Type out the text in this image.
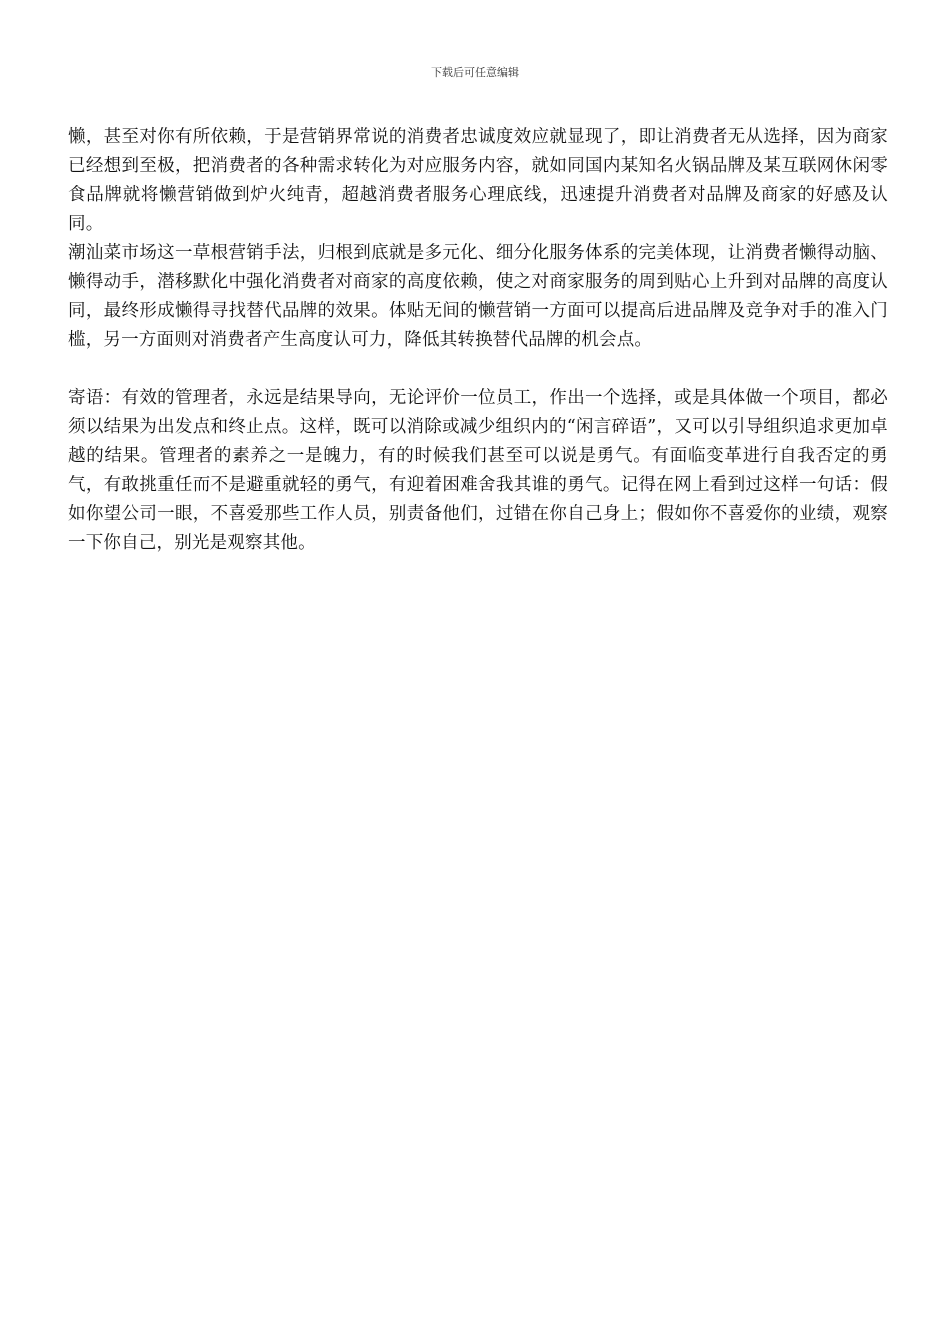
下载后可任意编辑

懒，甚至对你有所依赖，于是营销界常说的消费者忠诚度效应就显现了，即让消费者无从选择，因为商家已经想到至极，把消费者的各种需求转化为对应服务内容，就如同国内某知名火锅品牌及某互联网休闲零食品牌就将懒营销做到炉火纯青，超越消费者服务心理底线，迅速提升消费者对品牌及商家的好感及认同。

潮汕菜市场这一草根营销手法，归根到底就是多元化、细分化服务体系的完美体现，让消费者懒得动脑、懒得动手，潜移默化中强化消费者对商家的高度依赖，使之对商家服务的周到贴心上升到对品牌的高度认同，最终形成懒得寻找替代品牌的效果。体贴无间的懒营销一方面可以提高后进品牌及竞争对手的准入门槛，另一方面则对消费者产生高度认可力，降低其转换替代品牌的机会点。

寄语：有效的管理者，永远是结果导向，无论评价一位员工，作出一个选择，或是具体做一个项目，都必须以结果为出发点和终止点。这样，既可以消除或减少组织内的“闲言碎语”，又可以引导组织追求更加卓越的结果。管理者的素养之一是魄力，有的时候我们甚至可以说是勇气。有面临变革进行自我否定的勇气，有敢挑重任而不是避重就轻的勇气，有迎着困难舍我其谁的勇气。记得在网上看到过这样一句话：假如你望公司一眼，不喜爱那些工作人员，别责备他们，过错在你自己身上；假如你不喜爱你的业绩，观察一下你自己，别光是观察其他。
